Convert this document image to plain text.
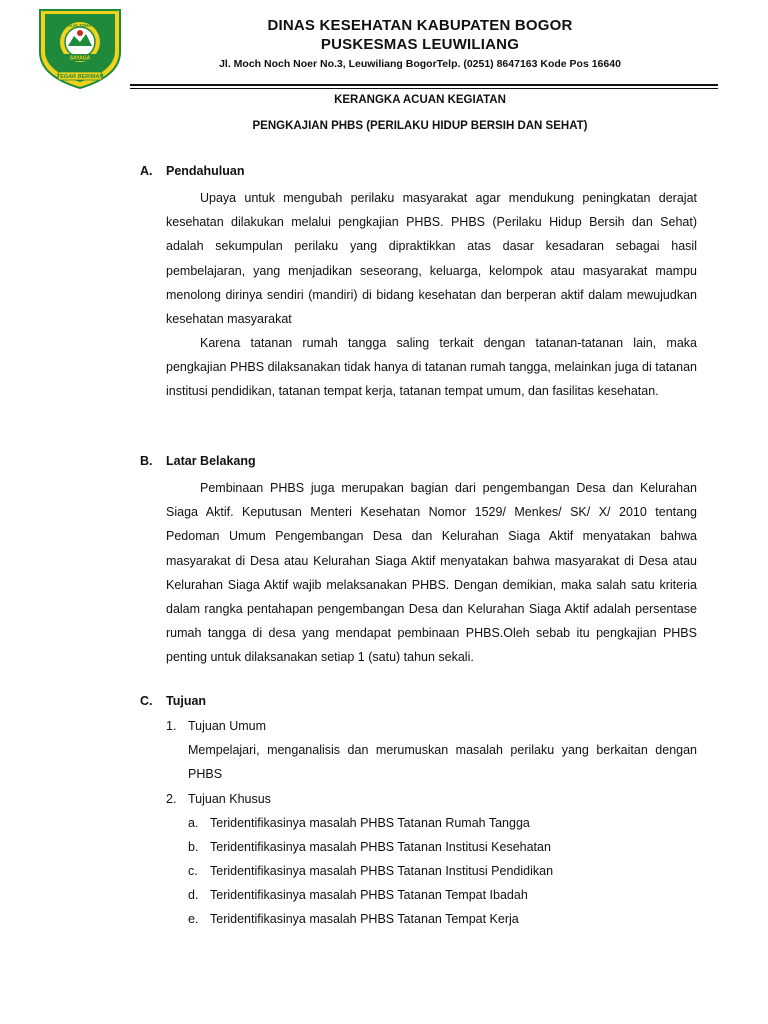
PRAJA TOHAYA
SAYAGA
TEGAR BERIMAN
DINAS KESEHATAN KABUPATEN BOGOR
PUSKESMAS LEUWILIANG
Jl. Moch Noch Noer No.3, Leuwiliang BogorTelp. (0251) 8647163 Kode Pos 16640
KERANGKA ACUAN KEGIATAN
PENGKAJIAN PHBS (PERILAKU HIDUP BERSIH DAN SEHAT)
A. Pendahuluan

Upaya untuk mengubah perilaku masyarakat agar mendukung peningkatan derajat kesehatan dilakukan melalui pengkajian PHBS. PHBS (Perilaku Hidup Bersih dan Sehat) adalah sekumpulan perilaku yang dipraktikkan atas dasar kesadaran sebagai hasil pembelajaran, yang menjadikan seseorang, keluarga, kelompok atau masyarakat mampu menolong dirinya sendiri (mandiri) di bidang kesehatan dan berperan aktif dalam mewujudkan kesehatan masyarakat

Karena tatanan rumah tangga saling terkait dengan tatanan-tatanan lain, maka pengkajian PHBS dilaksanakan tidak hanya di tatanan rumah tangga, melainkan juga di tatanan institusi pendidikan, tatanan tempat kerja, tatanan tempat umum, dan fasilitas kesehatan.

B. Latar Belakang

Pembinaan PHBS juga merupakan bagian dari pengembangan Desa dan Kelurahan Siaga Aktif. Keputusan Menteri Kesehatan Nomor 1529/ Menkes/ SK/ X/ 2010 tentang Pedoman Umum Pengembangan Desa dan Kelurahan Siaga Aktif menyatakan bahwa masyarakat di Desa atau Kelurahan Siaga Aktif menyatakan bahwa masyarakat di Desa atau Kelurahan Siaga Aktif wajib melaksanakan PHBS. Dengan demikian, maka salah satu kriteria dalam rangka pentahapan pengembangan Desa dan Kelurahan Siaga Aktif adalah persentase rumah tangga di desa yang mendapat pembinaan PHBS.Oleh sebab itu pengkajian PHBS penting untuk dilaksanakan setiap 1 (satu) tahun sekali.

C. Tujuan
1. Tujuan Umum

Mempelajari, menganalisis dan merumuskan masalah perilaku yang berkaitan dengan PHBS

2. Tujuan Khusus
a. Teridentifikasinya masalah PHBS Tatanan Rumah Tangga
b. Teridentifikasinya masalah PHBS Tatanan Institusi Kesehatan
c. Teridentifikasinya masalah PHBS Tatanan Institusi Pendidikan
d. Teridentifikasinya masalah PHBS Tatanan Tempat Ibadah
e. Teridentifikasinya masalah PHBS Tatanan Tempat Kerja
